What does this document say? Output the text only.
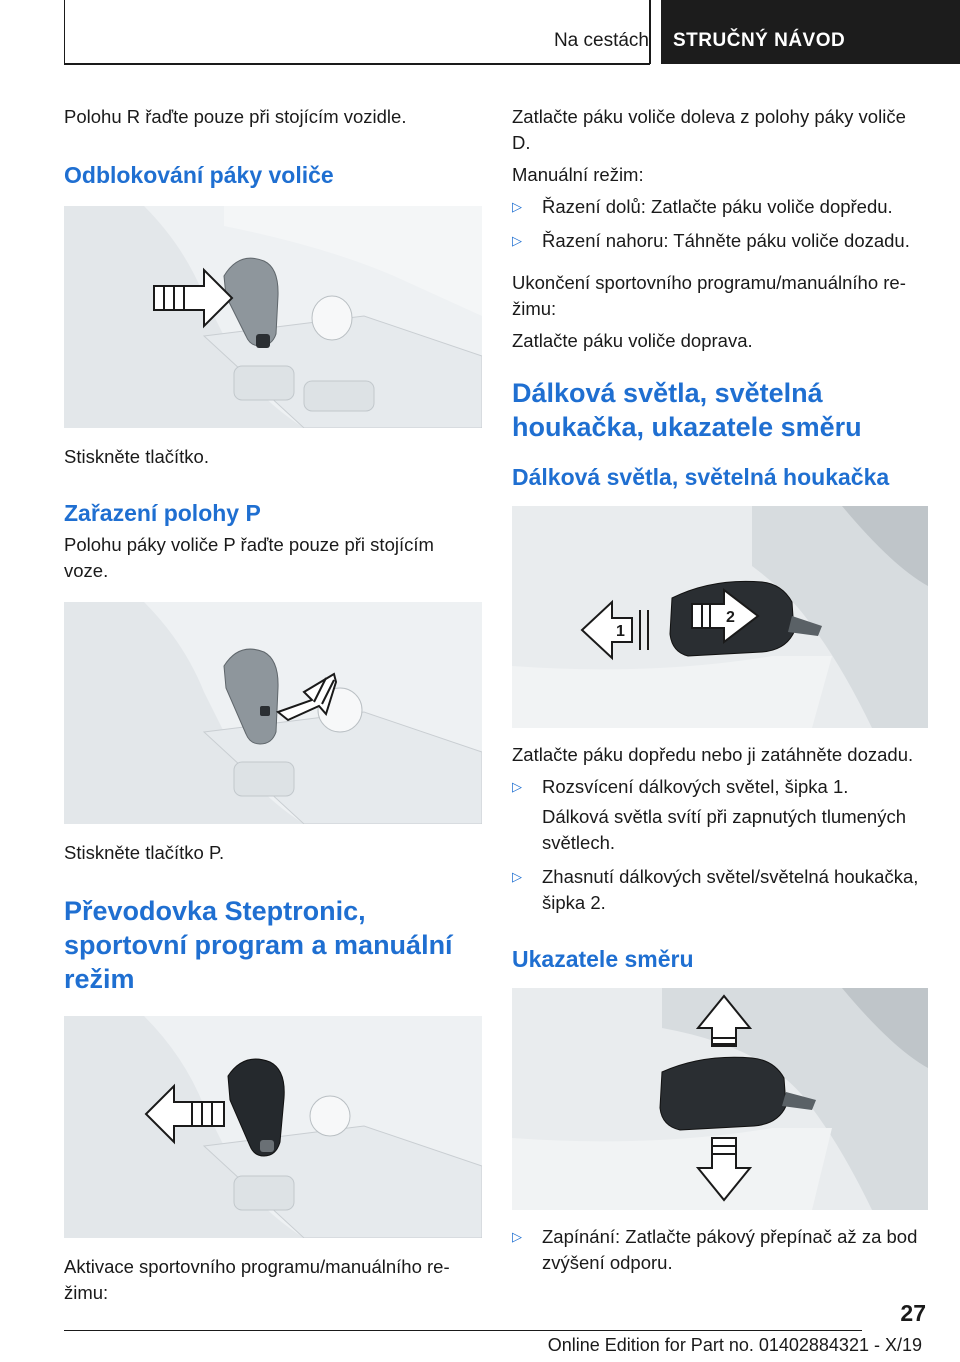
Na cestách STRUČNÝ NÁVOD

Polohu R řaďte pouze při stojícím vozidle.

Odblokování páky voliče

Stiskněte tlačítko.

Zařazení polohy P

Polohu páky voliče P řaďte pouze při stojícím voze.

Stiskněte tlačítko P.

Převodovka Steptronic, sportovní program a manuální režim

Aktivace sportovního programu/manuálního re-žimu:

Zatlačte páku voliče doleva z polohy páky voliče D.

Manuální režim:

▷ Řazení dolů: Zatlačte páku voliče dopředu.
▷ Řazení nahoru: Táhněte páku voliče dozadu.

Ukončení sportovního programu/manuálního re-žimu:

Zatlačte páku voliče doprava.

Dálková světla, světelná houkačka, ukazatele směru
Dálková světla, světelná houkačka
1
2

Zatlačte páku dopředu nebo ji zatáhněte dozadu.

▷ Rozsvícení dálkových světel, šipka 1.
Dálková světla svítí při zapnutých tlumených světlech.
▷ Zhasnutí dálkových světel/světelná houkačka, šipka 2.
Ukazatele směru
▷ Zapínání: Zatlačte pákový přepínač až za bod zvýšení odporu.
27
Online Edition for Part no. 01402884321 - X/19
